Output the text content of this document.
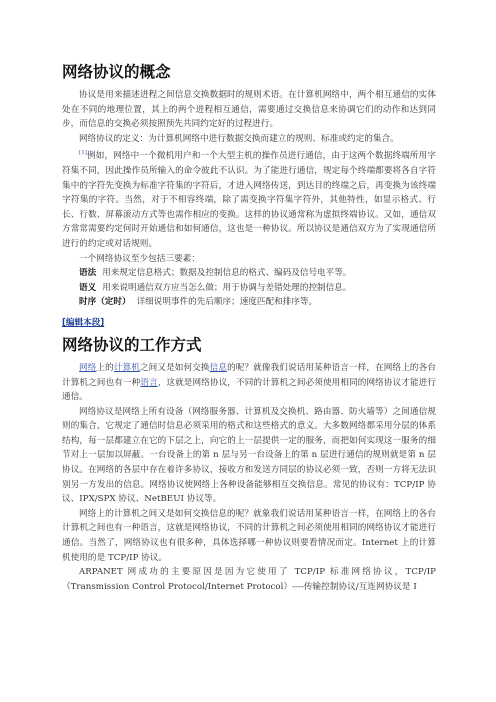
网络协议的概念

协议是用来描述进程之间信息交换数据时的规则术语。在计算机网络中，两个相互通信的实体处在不同的地理位置，其上的两个进程相互通信，需要通过交换信息来协调它们的动作和达到同步，而信息的交换必须按照预先共同约定好的过程进行。

网络协议的定义：为计算机网络中进行数据交换而建立的规则、标准或约定的集合。

[1]例如，网络中一个微机用户和一个大型主机的操作员进行通信，由于这两个数据终端所用字符集不同，因此操作员所输入的命令彼此不认识。为了能进行通信，规定每个终端都要将各自字符集中的字符先变换为标准字符集的字符后，才进入网络传送，到达目的终端之后，再变换为该终端字符集的字符。当然，对于不相容终端，除了需变换字符集字符外，其他特性，如显示格式、行长、行数、屏幕滚动方式等也需作相应的变换。这样的协议通常称为虚拟终端协议。又如，通信双方常常需要约定何时开始通信和如何通信，这也是一种协议。所以协议是通信双方为了实现通信所进行的约定或对话规则。

一个网络协议至少包括三要素：

语法 用来规定信息格式；数据及控制信息的格式、编码及信号电平等。
语义 用来说明通信双方应当怎么做；用于协调与差错处理的控制信息。
时序（定时） 详细说明事件的先后顺序；速度匹配和排序等。
[编辑本段]
网络协议的工作方式

网络上的计算机之间又是如何交换信息的呢？就像我们说话用某种语言一样，在网络上的各台计算机之间也有一种语言，这就是网络协议，不同的计算机之间必须使用相同的网络协议才能进行通信。

网络协议是网络上所有设备（网络服务器、计算机及交换机、路由器、防火墙等）之间通信规则的集合，它规定了通信时信息必须采用的格式和这些格式的意义。大多数网络都采用分层的体系结构，每一层都建立在它的下层之上，向它的上一层提供一定的服务，而把如何实现这一服务的细节对上一层加以屏蔽。一台设备上的第 n 层与另一台设备上的第 n 层进行通信的规则就是第 n 层协议。在网络的各层中存在着许多协议，接收方和发送方同层的协议必须一致，否则一方将无法识别另一方发出的信息。网络协议使网络上各种设备能够相互交换信息。常见的协议有：TCP/IP 协议、IPX/SPX 协议、NetBEUI 协议等。

网络上的计算机之间又是如何交换信息的呢？就象我们说话用某种语言一样，在网络上的各台计算机之间也有一种语言，这就是网络协议，不同的计算机之间必须使用相同的网络协议才能进行通信。当然了，网络协议也有很多种，具体选择哪一种协议则要看情况而定。Internet 上的计算机使用的是 TCP/IP 协议。

ARPANET 网成功的主要原因是因为它使用了 TCP/IP 标准网络协议，TCP/IP（Transmission Control Protocol/Internet Protocol）----传输控制协议/互连网协议是 I
